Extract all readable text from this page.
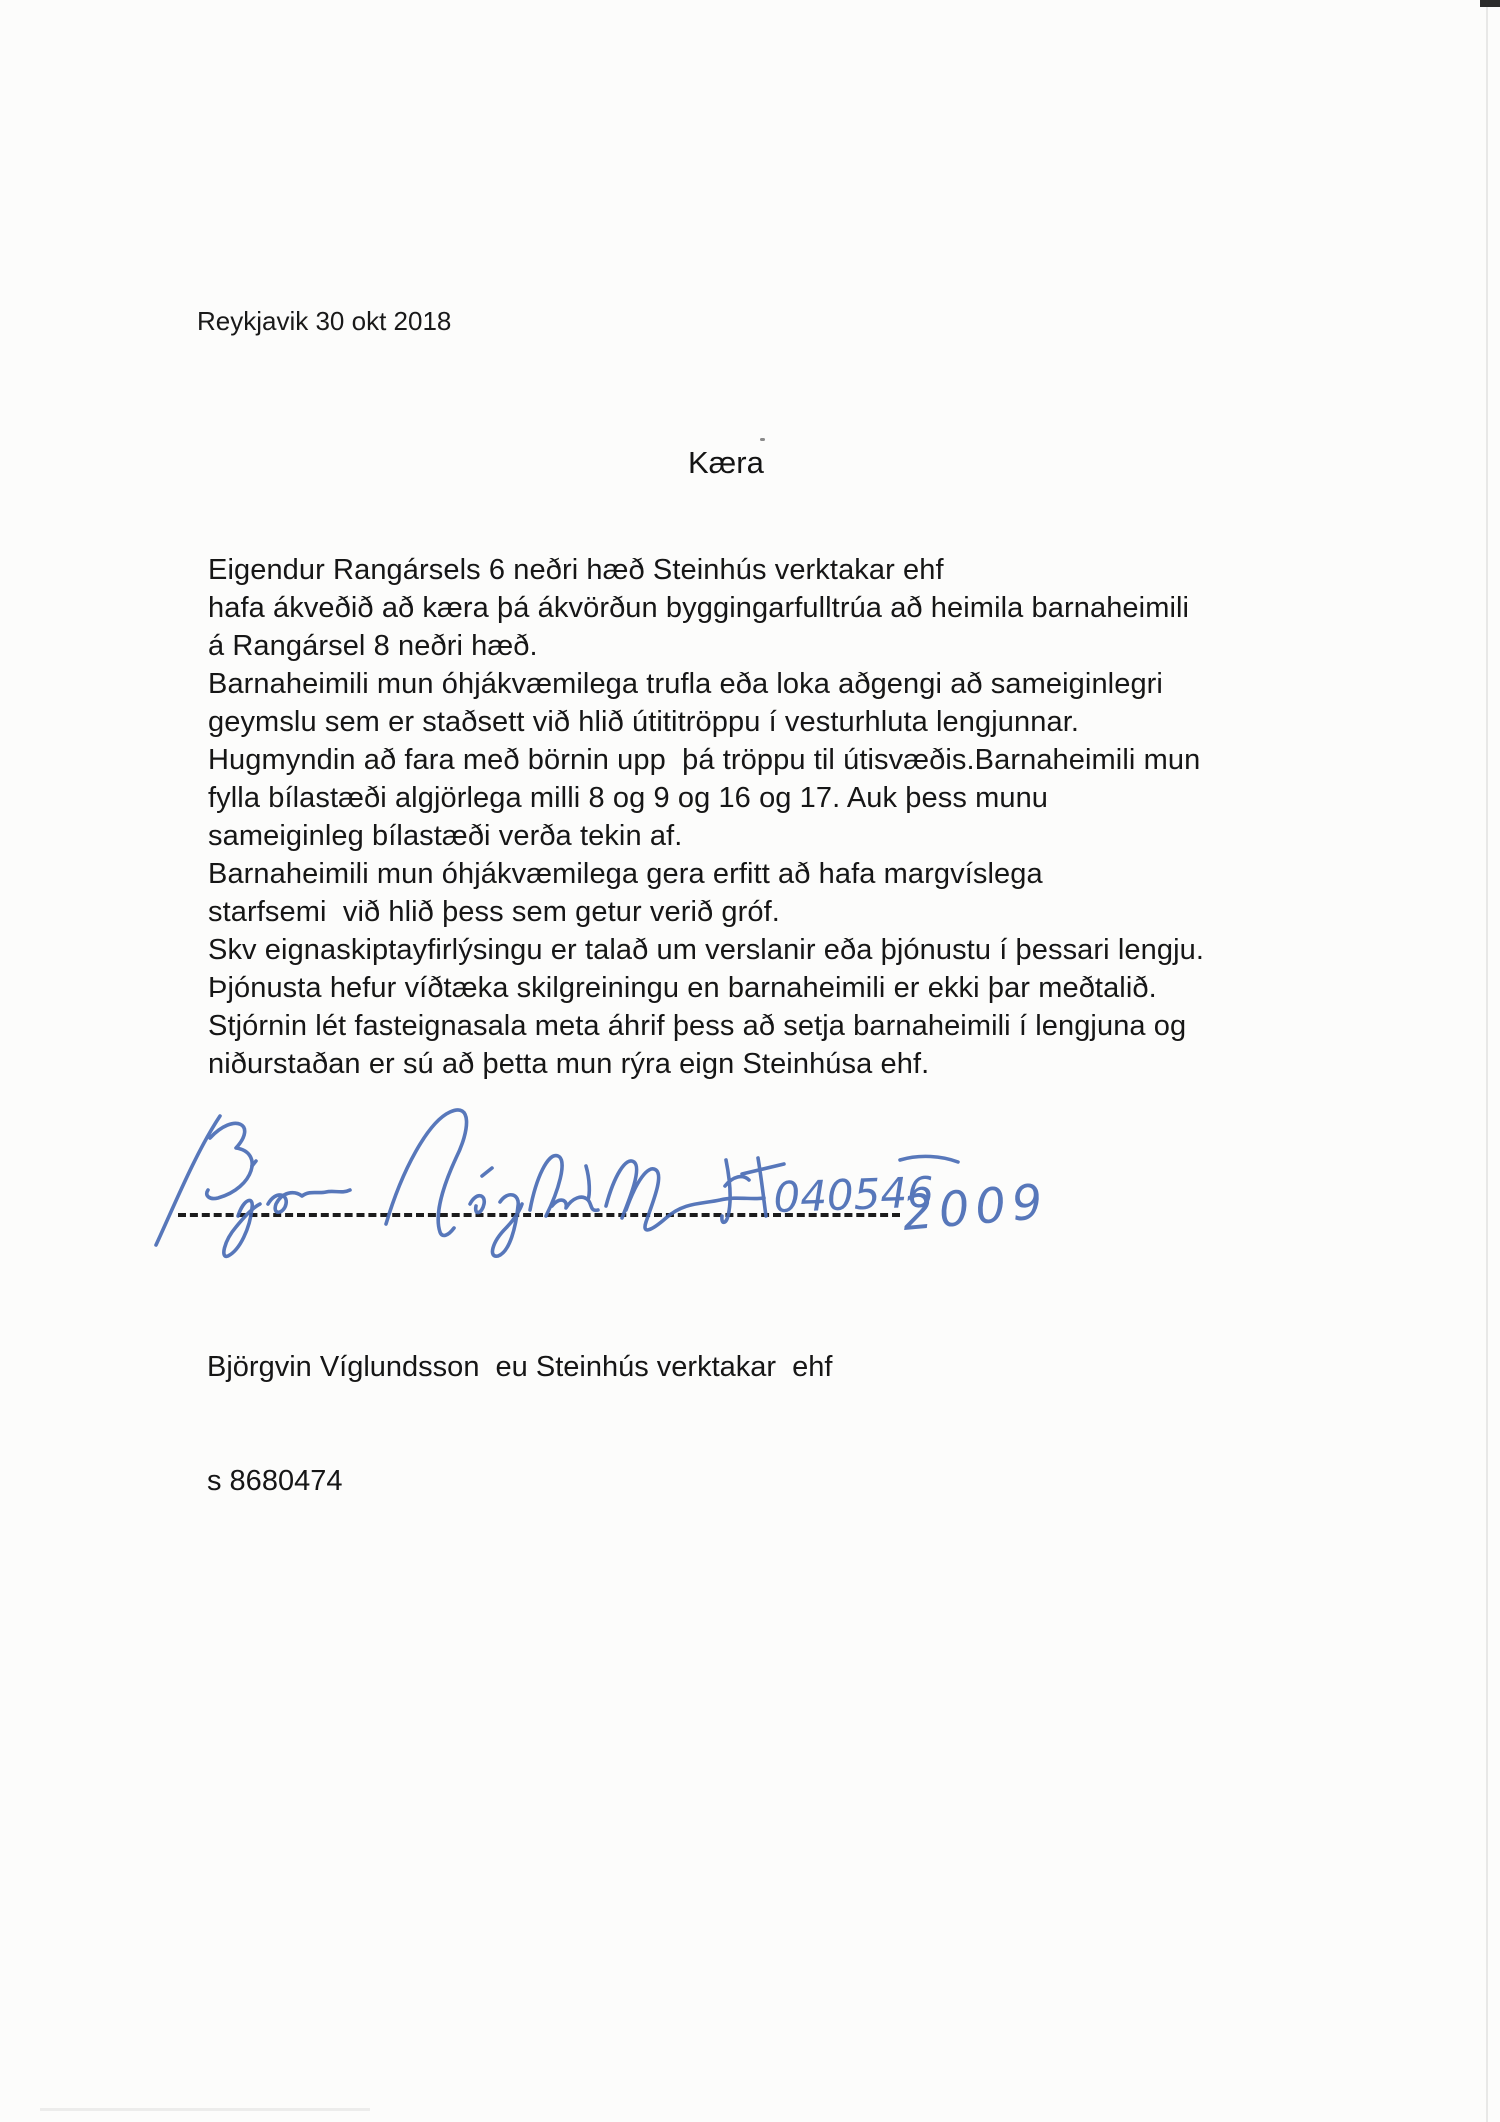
Reykjavik 30 okt 2018
Kæra
Eigendur Rangársels 6 neðri hæð Steinhús verktakar ehf
hafa ákveðið að kæra þá ákvörðun byggingarfulltrúa að heimila barnaheimili
á Rangársel 8 neðri hæð.
Barnaheimili mun óhjákvæmilega trufla eða loka aðgengi að sameiginlegri
geymslu sem er staðsett við hlið útititröppu í vesturhluta lengjunnar.
Hugmyndin að fara með börnin upp  þá tröppu til útisvæðis.Barnaheimili mun
fylla bílastæði algjörlega milli 8 og 9 og 16 og 17. Auk þess munu
sameiginleg bílastæði verða tekin af.
Barnaheimili mun óhjákvæmilega gera erfitt að hafa margvíslega
starfsemi  við hlið þess sem getur verið gróf.
Skv eignaskiptayfirlýsingu er talað um verslanir eða þjónustu í þessari lengju.
Þjónusta hefur víðtæka skilgreiningu en barnaheimili er ekki þar meðtalið.
Stjórnin lét fasteignasala meta áhrif þess að setja barnaheimili í lengjuna og
niðurstaðan er sú að þetta mun rýra eign Steinhúsa ehf.
040546
2009

Björgvin Víglundsson  eu Steinhús verktakar  ehf

s 8680474
